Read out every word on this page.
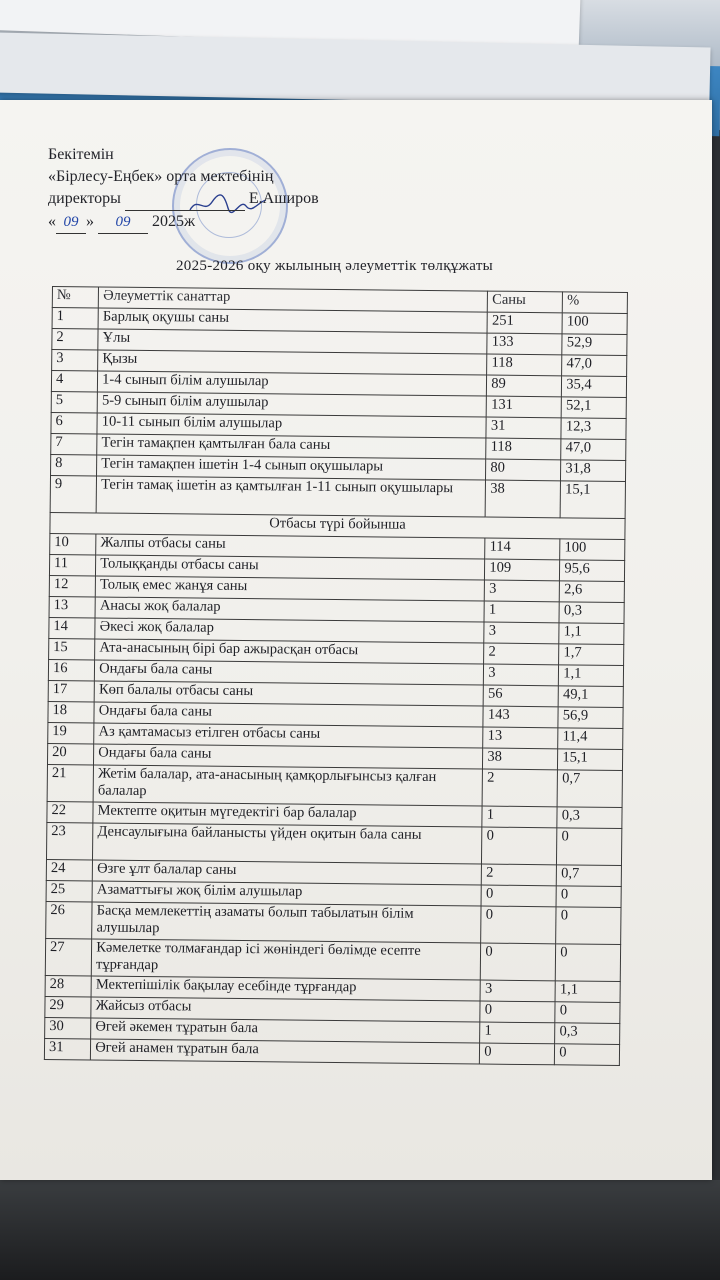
Бекітемін
«Бірлесу-Еңбек» орта мектебінің
директоры	Е.Аширов
« 09 » 09 2025ж
2025-2026 оқу жылының әлеуметтік төлқұжаты
№	Әлеуметтік санаттар	Саны	%
1	Барлық оқушы саны	251	100
2	Ұлы	133	52,9
3	Қызы	118	47,0
4	1-4 сынып білім алушылар	89	35,4
5	5-9 сынып білім алушылар	131	52,1
6	10-11 сынып білім алушылар	31	12,3
7	Тегін тамақпен қамтылған бала саны	118	47,0
8	Тегін тамақпен ішетін 1-4 сынып оқушылары	80	31,8
9	Тегін тамақ ішетін аз қамтылған 1-11 сынып оқушылары	38	15,1
Отбасы түрі бойынша			
10	Жалпы отбасы саны	114	100
11	Толыққанды отбасы саны	109	95,6
12	Толық емес жанұя саны	3	2,6
13	Анасы жоқ балалар	1	0,3
14	Әкесі жоқ балалар	3	1,1
15	Ата-анасының бірі бар ажырасқан отбасы	2	1,7
16	Ондағы бала саны	3	1,1
17	Көп балалы отбасы саны	56	49,1
18	Ондағы бала саны	143	56,9
19	Аз қамтамасыз етілген отбасы саны	13	11,4
20	Ондағы бала саны	38	15,1
21	Жетім балалар, ата-анасының қамқорлығынсыз қалған балалар	2	0,7
22	Мектепте оқитын мүгедектігі бар балалар	1	0,3
23	Денсаулығына байланысты үйден оқитын бала саны	0	0
24	Өзге ұлт балалар саны	2	0,7
25	Азаматтығы жоқ білім алушылар	0	0
26	Басқа мемлекеттің азаматы болып табылатын білім алушылар	0	0
27	Кәмелетке толмағандар ісі жөніндегі бөлімде есепте тұрғандар	0	0
28	Мектепішілік бақылау есебінде тұрғандар	3	1,1
29	Жайсыз отбасы	0	0
30	Өгей әкемен тұратын бала	1	0,3
31	Өгей анамен тұратын бала	0	0
